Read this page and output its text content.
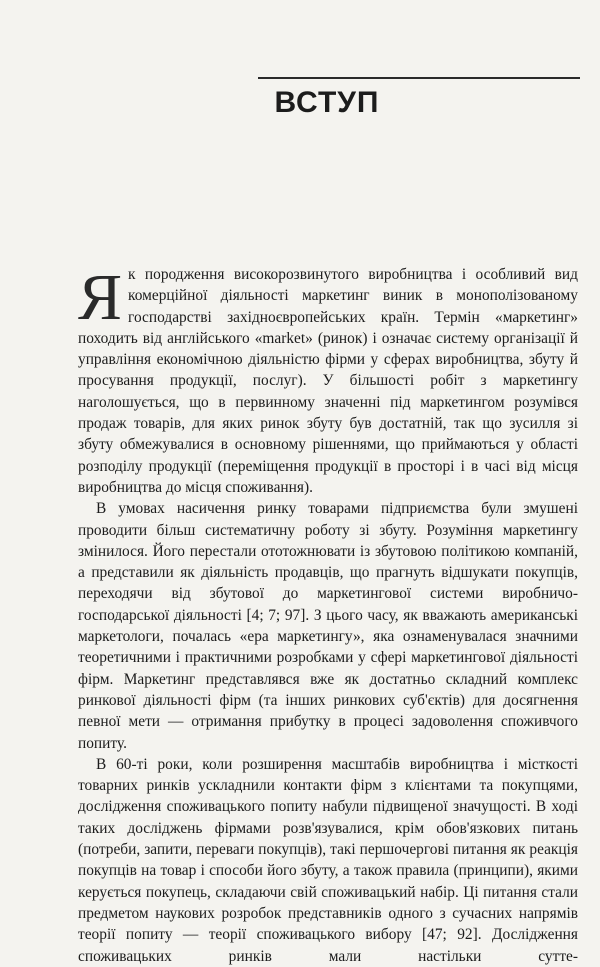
ВСТУП

Як породження високорозвинутого виробництва і особливий вид комерційної діяльності маркетинг виник в монополізованому господарстві західноєвропейських країн. Термін «маркетинг» походить від англійського «market» (ринок) і означає систему організації й управління економічною діяльністю фірми у сферах виробництва, збуту й просування продукції, послуг). У більшості робіт з маркетингу наголошується, що в первинному значенні під маркетингом розумівся продаж товарів, для яких ринок збуту був достатній, так що зусилля зі збуту обмежувалися в основному рішеннями, що приймаються у області розподілу продукції (переміщення продукції в просторі і в часі від місця виробництва до місця споживання).

В умовах насичення ринку товарами підприємства були змушені проводити більш систематичну роботу зі збуту. Розуміння маркетингу змінилося. Його перестали ототожнювати із збутовою політикою компаній, а представили як діяльність продавців, що прагнуть відшукати покупців, переходячи від збутової до маркетингової системи виробничо-господарської діяльності [4; 7; 97]. З цього часу, як вважають американські маркетологи, почалась «ера маркетингу», яка ознаменувалася значними теоретичними і практичними розробками у сфері маркетингової діяльності фірм. Маркетинг представлявся вже як достатньо складний комплекс ринкової діяльності фірм (та інших ринкових суб'єктів) для досягнення певної мети — отримання прибутку в процесі задоволення споживчого попиту.

В 60-ті роки, коли розширення масштабів виробництва і місткості товарних ринків ускладнили контакти фірм з клієнтами та покупцями, дослідження споживацького попиту набули підвищеної значущості. В ході таких досліджень фірмами розв'язувалися, крім обов'язкових питань (потреби, запити, переваги покупців), такі першочергові питання як реакція покупців на товар і способи його збуту, а також правила (принципи), якими керується покупець, складаючи свій споживацький набір. Ці питання стали предметом наукових розробок представників одного з сучасних напрямів теорії попиту — теорії споживацького вибору [47; 92]. Дослідження споживацьких ринків мали настільки сутте-
